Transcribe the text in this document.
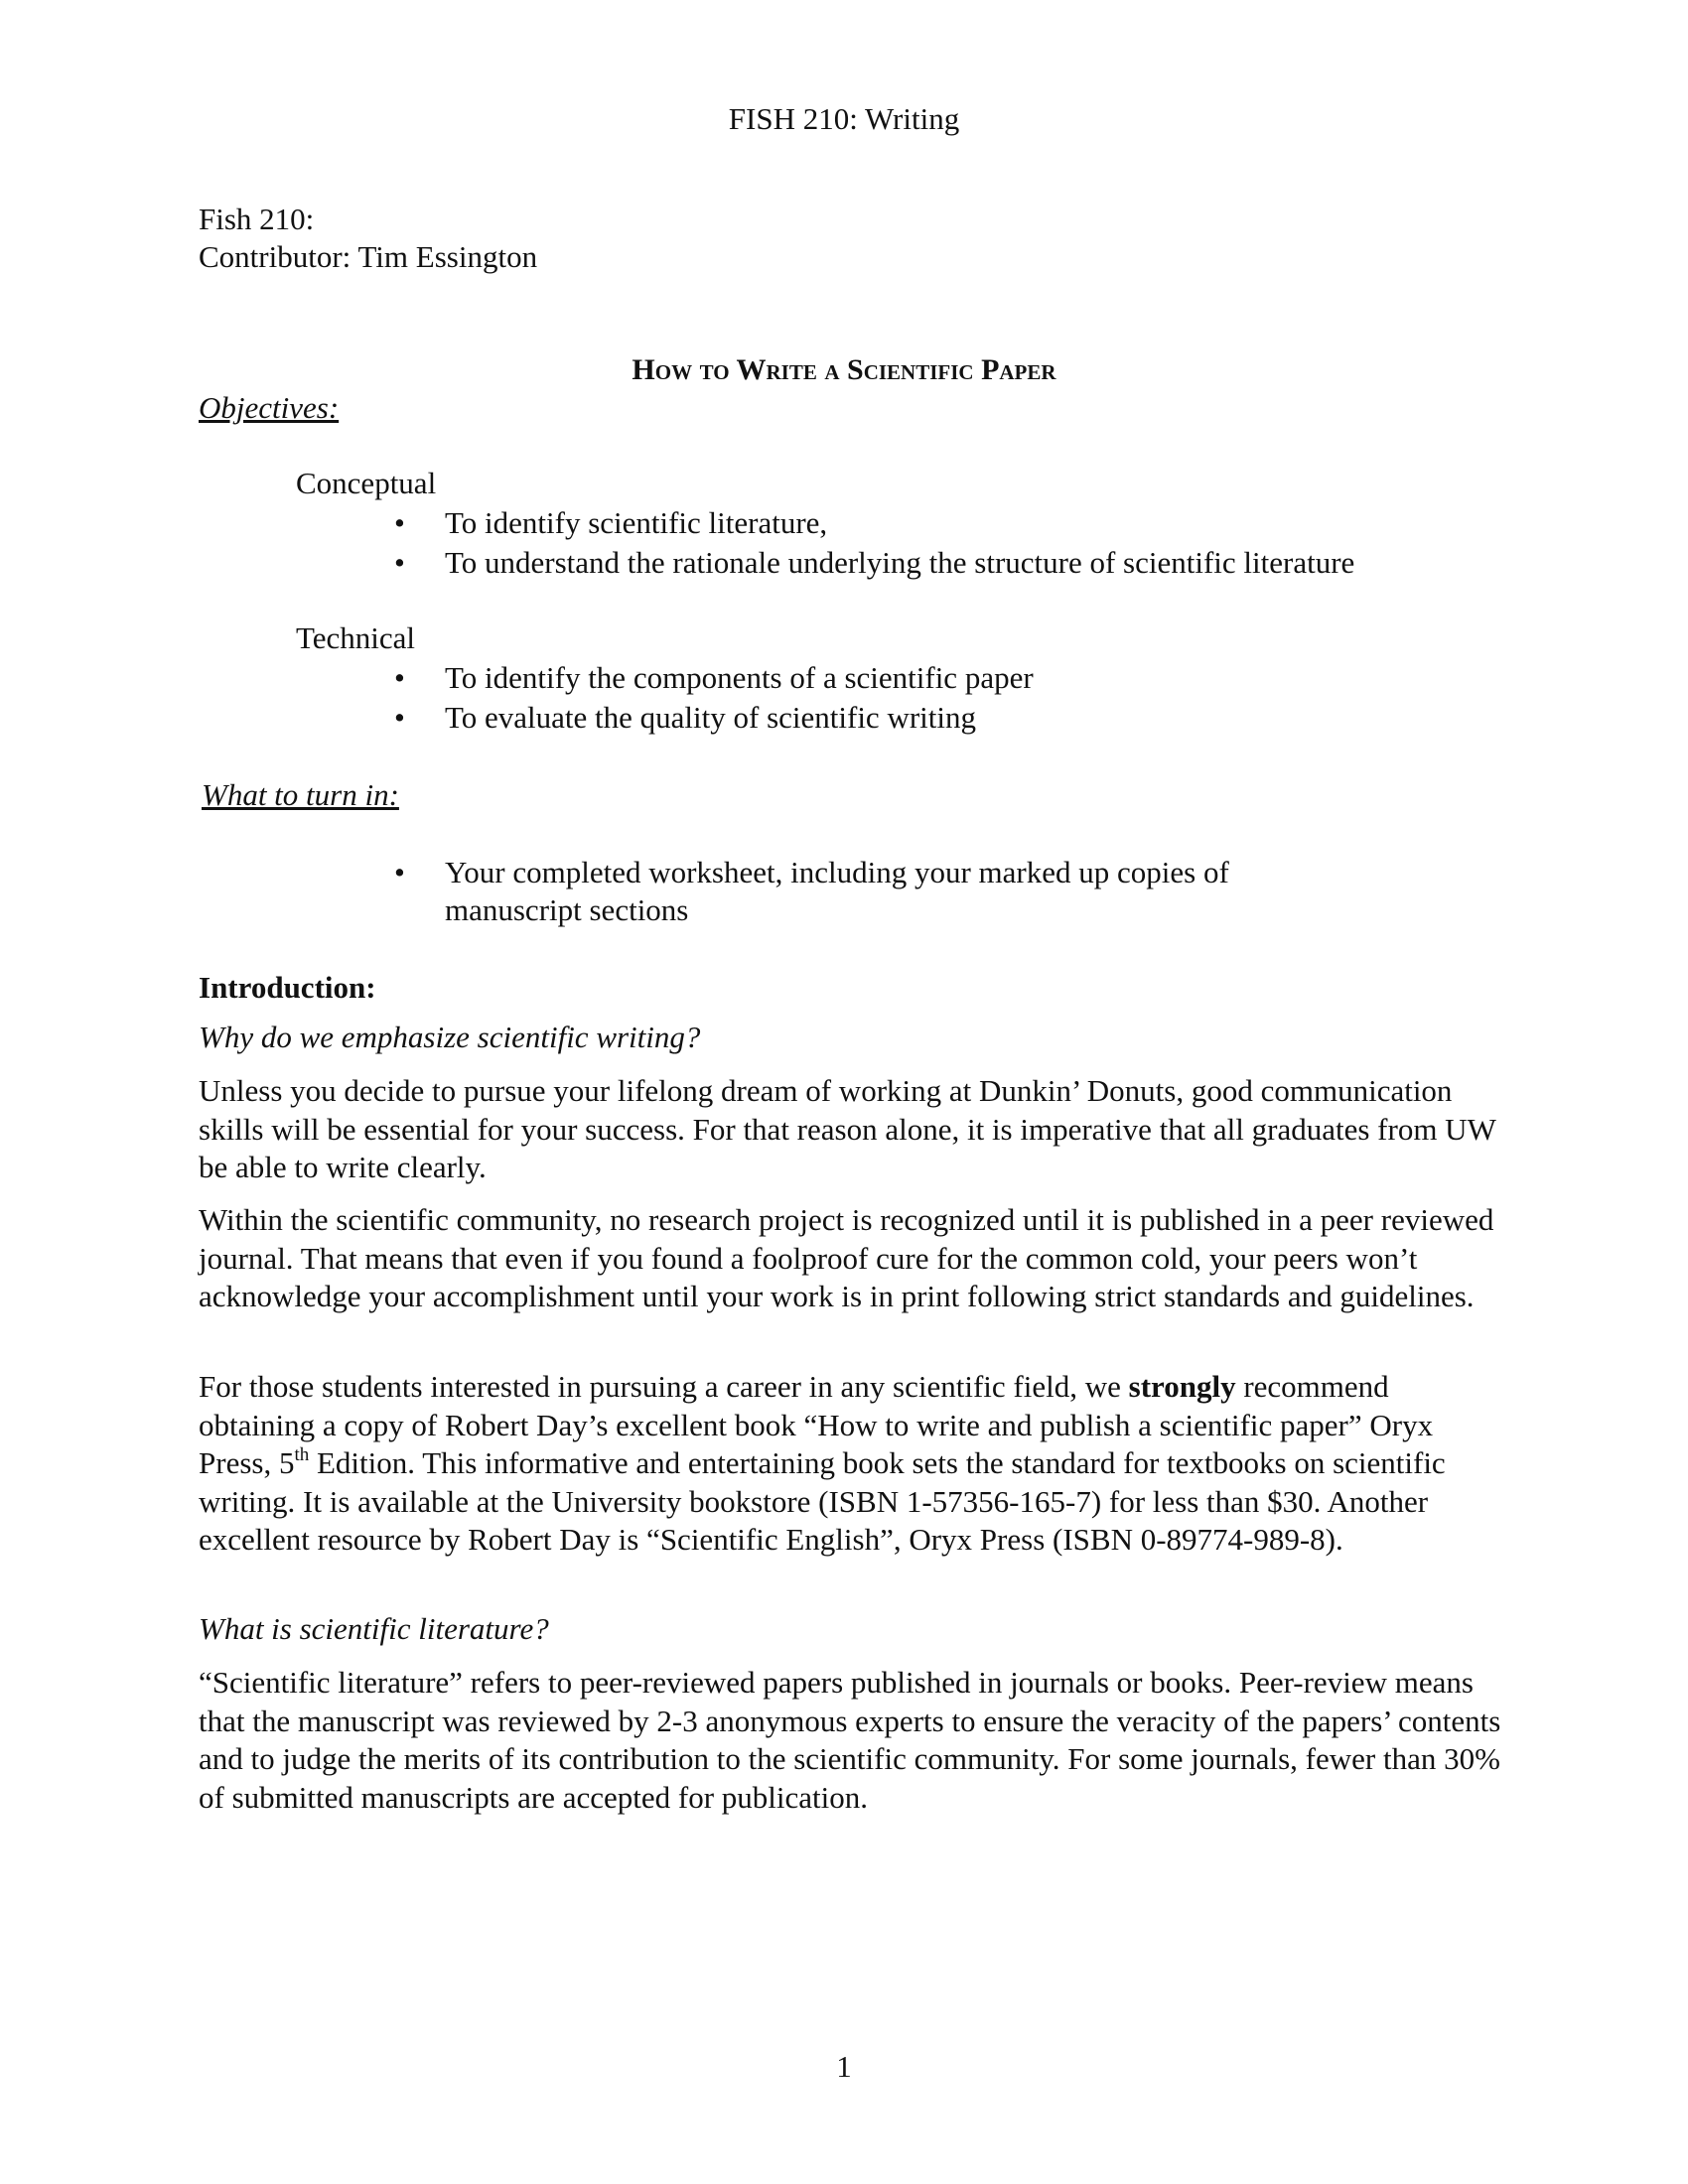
FISH 210: Writing
Fish 210:
Contributor: Tim Essington
How to Write a Scientific Paper
Objectives:
Conceptual
• To identify scientific literature,
• To understand the rationale underlying the structure of scientific literature
Technical
• To identify the components of a scientific paper
• To evaluate the quality of scientific writing
What to turn in:
• Your completed worksheet, including your marked up copies of
manuscript sections
Introduction:
Why do we emphasize scientific writing?

Unless you decide to pursue your lifelong dream of working at Dunkin’ Donuts, good communication skills will be essential for your success. For that reason alone, it is imperative that all graduates from UW be able to write clearly.

Within the scientific community, no research project is recognized until it is published in a peer reviewed journal. That means that even if you found a foolproof cure for the common cold, your peers won’t acknowledge your accomplishment until your work is in print following strict standards and guidelines.

For those students interested in pursuing a career in any scientific field, we strongly recommend obtaining a copy of Robert Day’s excellent book “How to write and publish a scientific paper” Oryx Press, 5th Edition. This informative and entertaining book sets the standard for textbooks on scientific writing. It is available at the University bookstore (ISBN 1-57356-165-7) for less than $30. Another excellent resource by Robert Day is “Scientific English”, Oryx Press (ISBN 0-89774-989-8).

What is scientific literature?

“Scientific literature” refers to peer-reviewed papers published in journals or books. Peer-review means that the manuscript was reviewed by 2-3 anonymous experts to ensure the veracity of the papers’ contents and to judge the merits of its contribution to the scientific community. For some journals, fewer than 30% of submitted manuscripts are accepted for publication.

1
